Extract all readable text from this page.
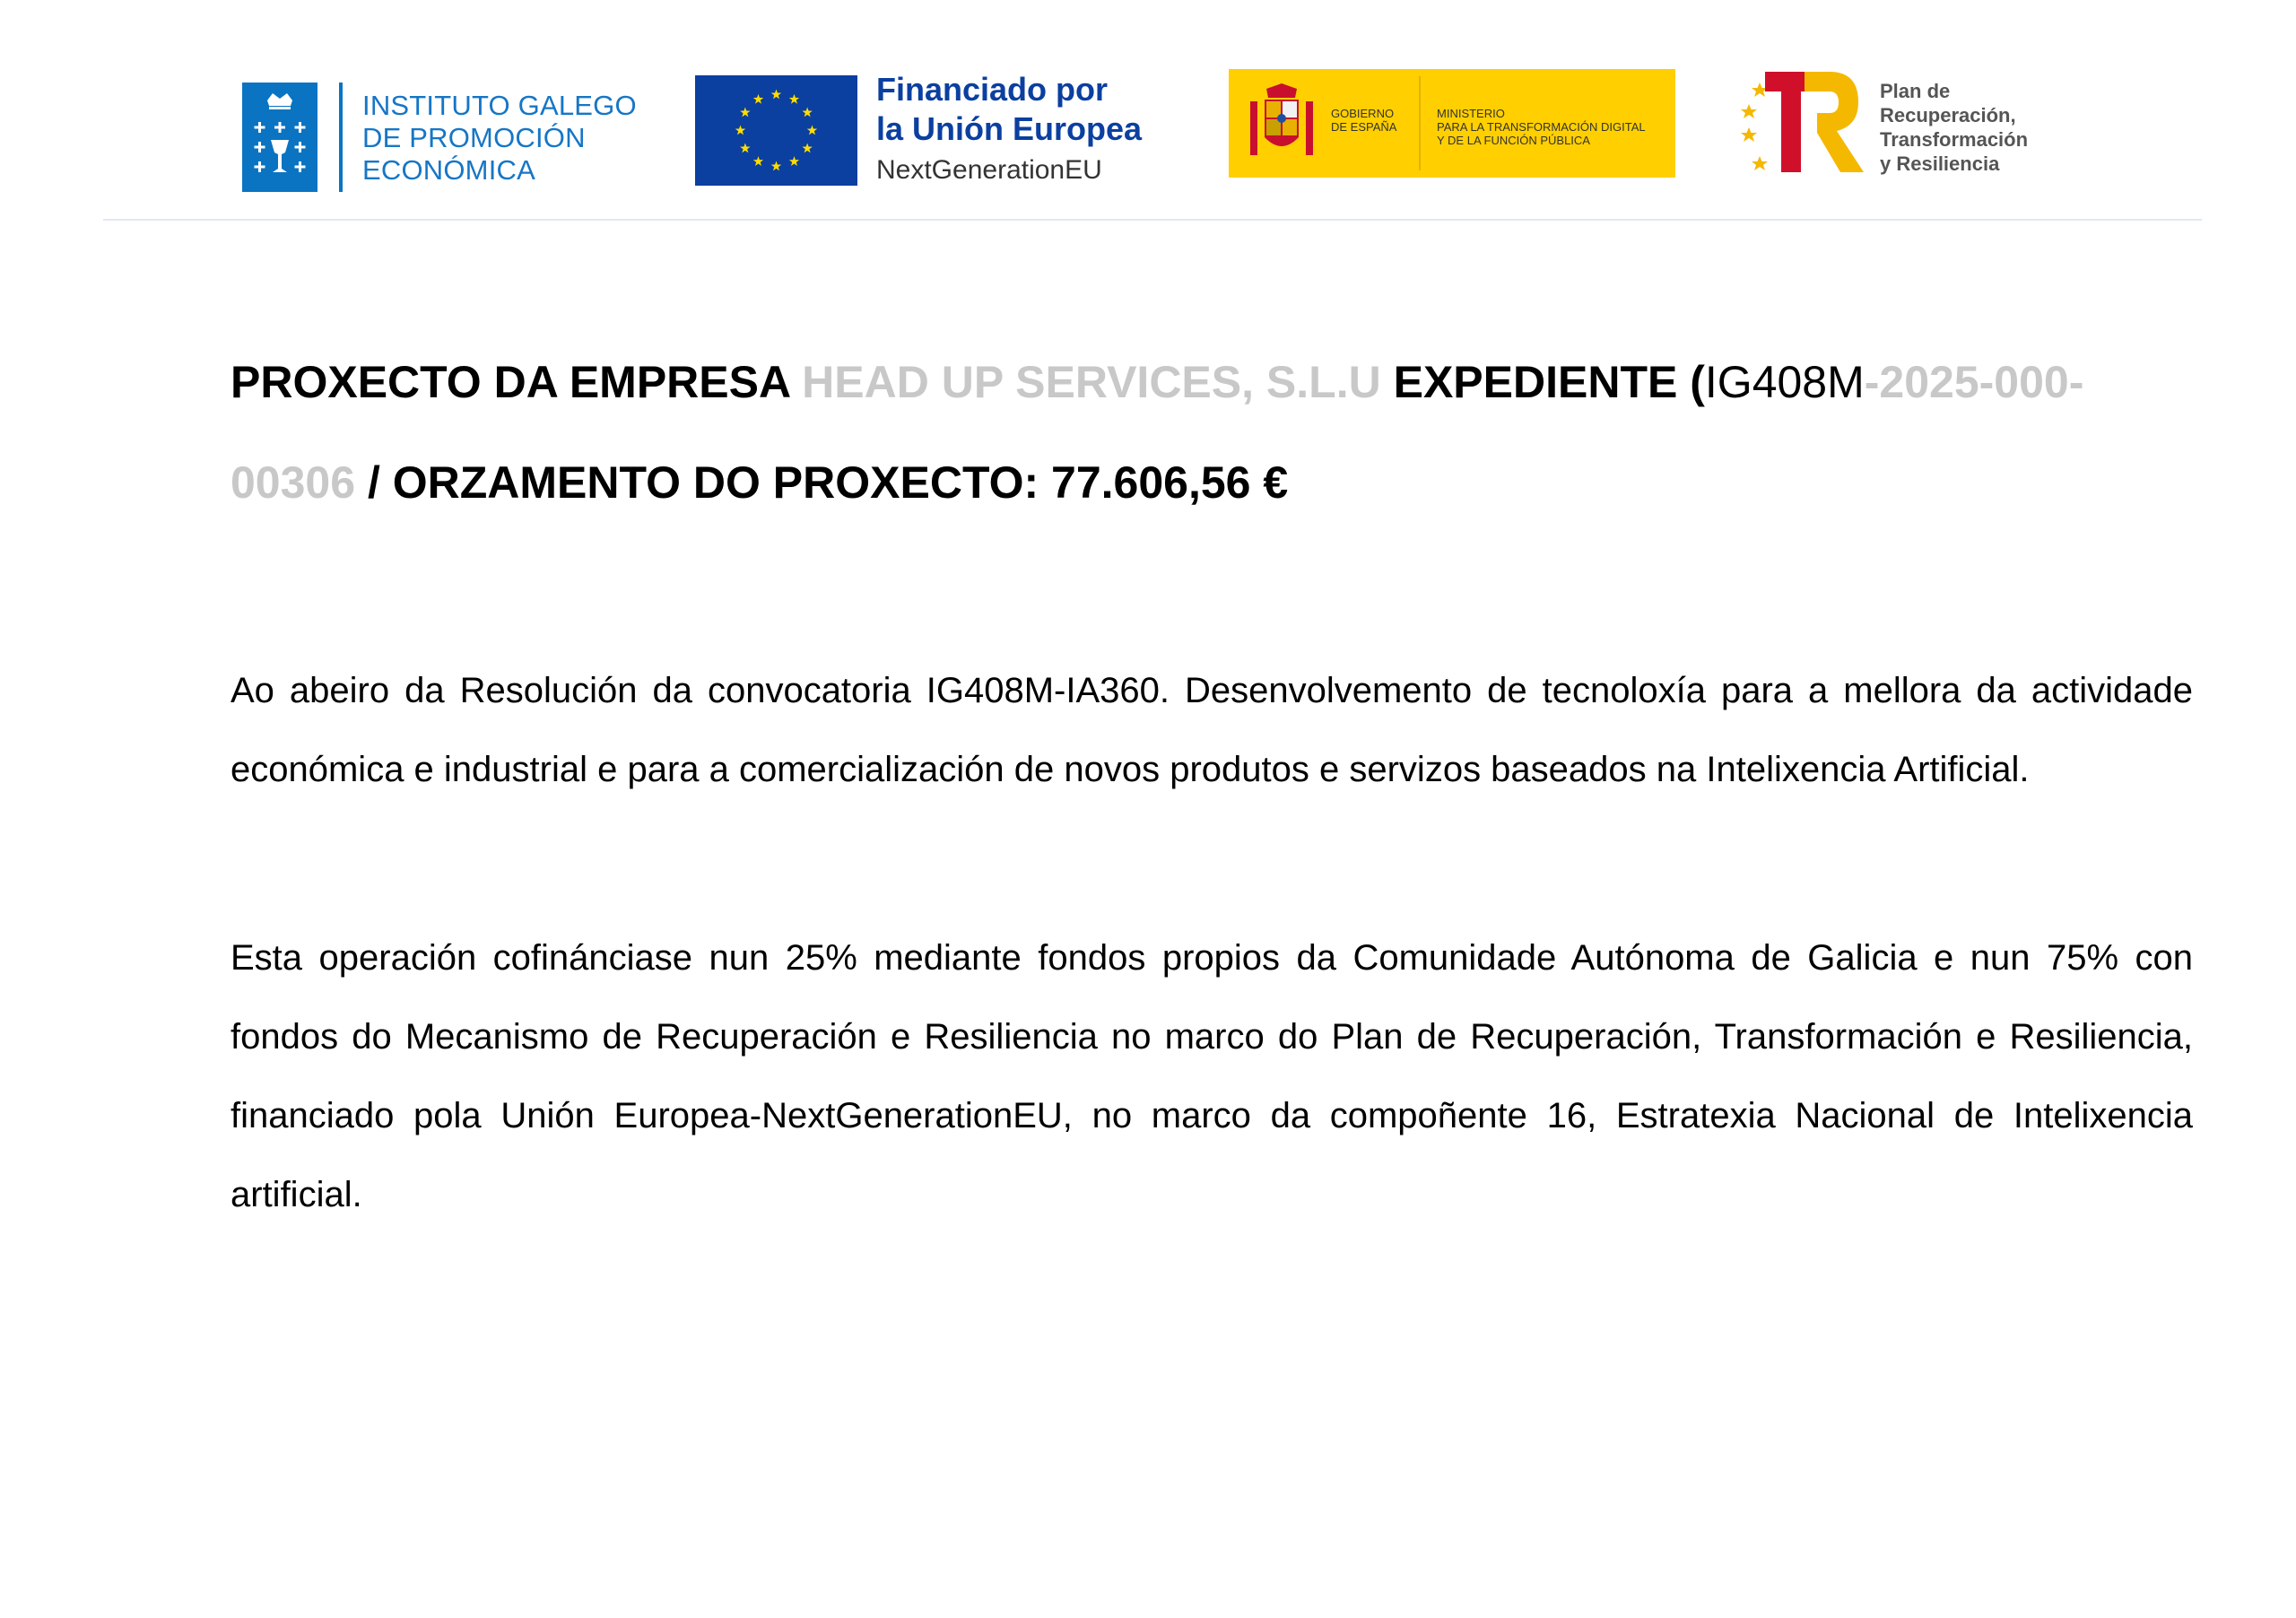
INSTITUTO GALEGO
DE PROMOCIÓN
ECONÓMICA
Financiado por
la Unión Europea
NextGenerationEU
GOBIERNO
DE ESPAÑA
MINISTERIO
PARA LA TRANSFORMACIÓN DIGITAL
Y DE LA FUNCIÓN PÚBLICA
Plan de
Recuperación,
Transformación
y Resiliencia

PROXECTO DA EMPRESA HEAD UP SERVICES, S.L.U EXPEDIENTE (IG408M-2025-000-00306 / ORZAMENTO DO PROXECTO: 77.606,56 €

Ao abeiro da Resolución da convocatoria IG408M-IA360. Desenvolvemento de tecnoloxía para a mellora da actividade económica e industrial e para a comercialización de novos produtos e servizos baseados na Intelixencia Artificial.

Esta operación cofinánciase nun 25% mediante fondos propios da Comunidade Autónoma de Galicia e nun 75% con fondos do Mecanismo de Recuperación e Resiliencia no marco do Plan de Recuperación, Transformación e Resiliencia, financiado pola Unión Europea-NextGenerationEU, no marco da compoñente 16, Estratexia Nacional de Intelixencia artificial.
